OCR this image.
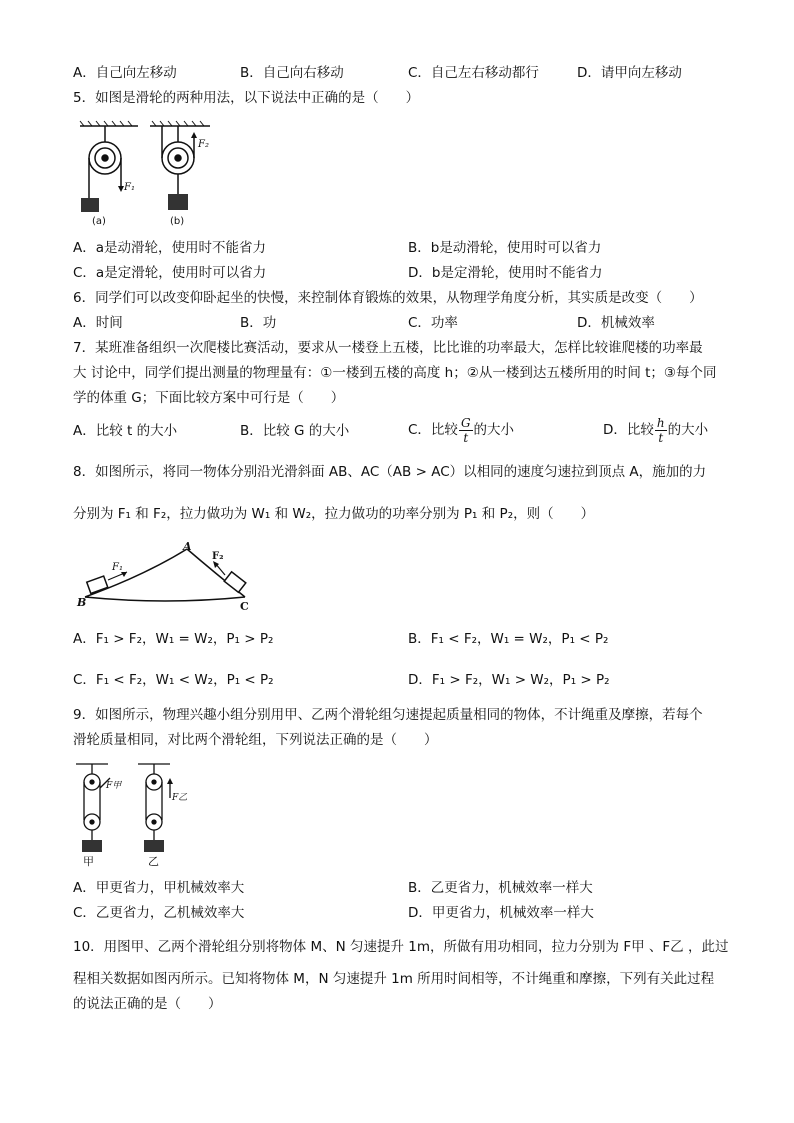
A．自己向左移动	B．自己向右移动	C．自己左右移动都行	D．请甲向左移动
5．如图是滑轮的两种用法，以下说法中正确的是（　　）
F₁
F₂
(a)	(b)
A．a是动滑轮，使用时不能省力	B．b是动滑轮，使用时可以省力
C．a是定滑轮，使用时可以省力	D．b是定滑轮，使用时不能省力
6．同学们可以改变仰卧起坐的快慢，来控制体育锻炼的效果，从物理学角度分析，其实质是改变（　　）
A．时间	B．功	C．功率	D．机械效率
7．某班准备组织一次爬楼比赛活动，要求从一楼登上五楼，比比谁的功率最大，怎样比较谁爬楼的功率最
大 讨论中，同学们提出测量的物理量有：①一楼到五楼的高度 h；②从一楼到达五楼所用的时间 t；③每个同
学的体重 G；下面比较方案中可行是（　　）
A．比较 t 的大小	B．比较 G 的大小	C．比较 $\frac{G}{t}$ 的大小	D．比较 $\frac{h}{t}$ 的大小
8．如图所示，将同一物体分别沿光滑斜面 AB、AC（AB > AC）以相同的速度匀速拉到顶点 A，施加的力
分别为 F₁ 和 F₂，拉力做功为 W₁ 和 W₂，拉力做功的功率分别为 P₁ 和 P₂，则（　　）
A
B	C
F₁
F₂
A．F₁ > F₂，W₁ = W₂，P₁ > P₂	B．F₁ < F₂，W₁ = W₂，P₁ < P₂
C．F₁ < F₂，W₁ < W₂，P₁ < P₂	D．F₁ > F₂，W₁ > W₂，P₁ > P₂
9．如图所示，物理兴趣小组分别用甲、乙两个滑轮组匀速提起质量相同的物体，不计绳重及摩擦，若每个
滑轮质量相同，对比两个滑轮组，下列说法正确的是（　　）
甲	乙
F甲
F乙
A．甲更省力，甲机械效率大	B．乙更省力，机械效率一样大
C．乙更省力，乙机械效率大	D．甲更省力，机械效率一样大
10．用图甲、乙两个滑轮组分别将物体 M、N 匀速提升 1m，所做有用功相同，拉力分别为 F甲 、F乙 ，此过
程相关数据如图丙所示。已知将物体 M，N 匀速提升 1m 所用时间相等，不计绳重和摩擦，下列有关此过程
的说法正确的是（　　）
